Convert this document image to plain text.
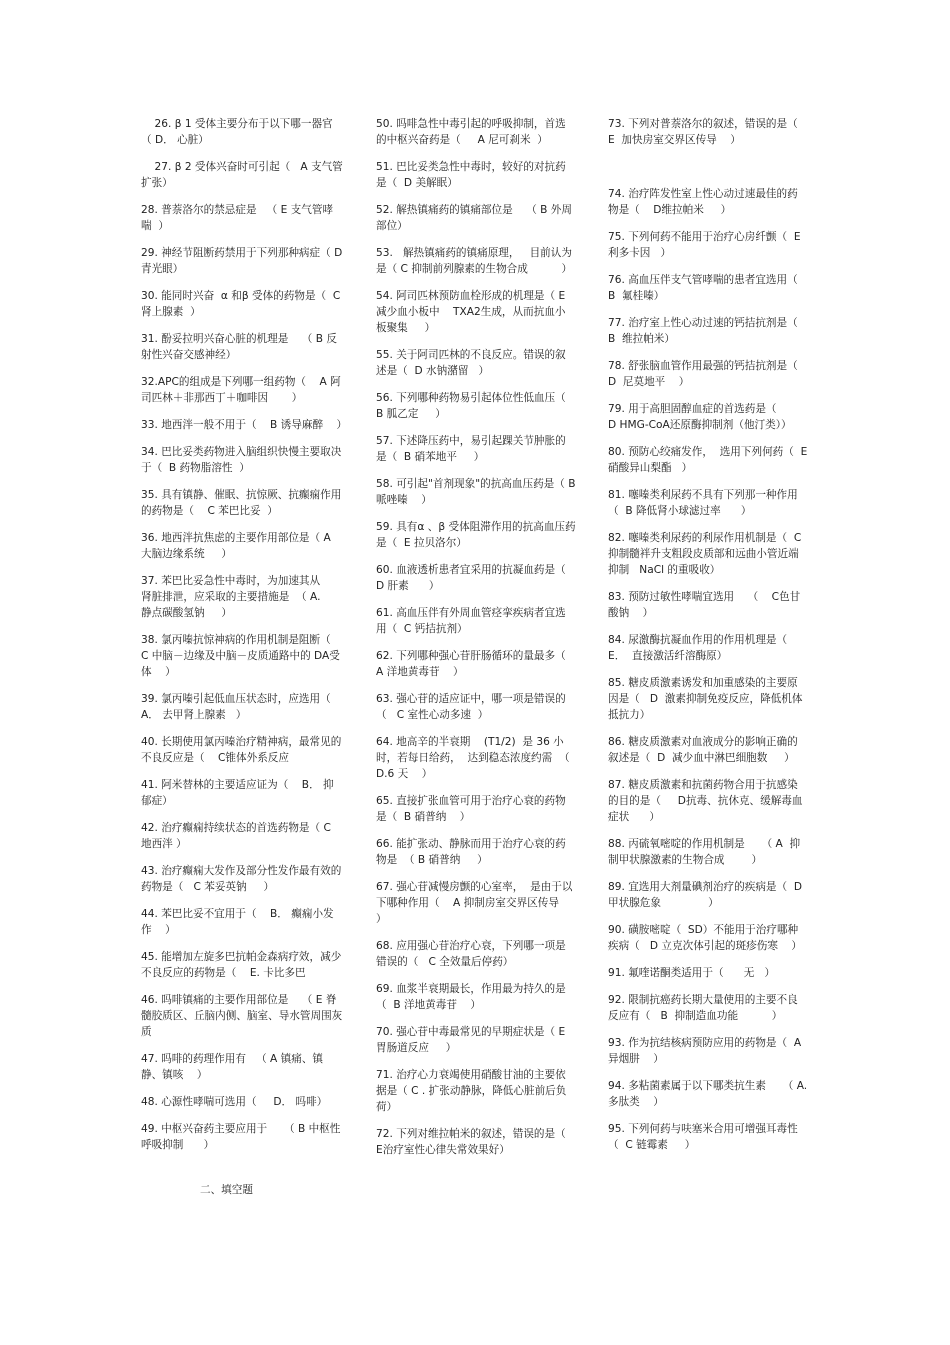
26. β 1 受体主要分布于以下哪一器官（ D． 心脏）

27. β 2 受体兴奋时可引起（   A 支气管扩张）

28. 普萘洛尔的禁忌症是   （ E 支气管哮喘  ）

29. 神经节阻断药禁用于下列那种病症（ D 青光眼）

30. 能同时兴奋  α 和β 受体的药物是（  C肾上腺素  ）

31. 酚妥拉明兴奋心脏的机理是    （ B 反射性兴奋交感神经）

32.APC的组成是下列哪一组药物（    A 阿司匹林＋非那西丁＋咖啡因       ）

33. 地西泮一般不用于（    B 诱导麻醉    ）

34. 巴比妥类药物进入脑组织快慢主要取决于（  B 药物脂溶性  ）

35. 具有镇静、催眠、抗惊厥、抗癫痫作用的药物是（    C 苯巴比妥  ）

36. 地西泮抗焦虑的主要作用部位是（ A 大脑边缘系统     ）

37. 苯巴比妥急性中毒时，为加速其从      肾脏排泄，应采取的主要措施是  （ A.      静点碳酸氢钠     ）

38. 氯丙嗪抗惊神病的作用机制是阻断（  C 中脑－边缘及中脑－皮质通路中的 DA受体    ）

39. 氯丙嗪引起低血压状态时，应选用（  A． 去甲肾上腺素   ）

40. 长期使用氯丙嗪治疗精神病，最常见的不良反应是（    C锥体外系反应

41. 阿米替林的主要适应证为（    B． 抑郁症）

42. 治疗癫痫持续状态的首选药物是（ C 地西泮 ）

43. 治疗癫痫大发作及部分性发作最有效的药物是（   C 苯妥英钠     ）

44. 苯巴比妥不宜用于（    B． 癫痫小发作    ）

45. 能增加左旋多巴抗帕金森病疗效，减少不良反应的药物是（    E. 卡比多巴

46. 吗啡镇痛的主要作用部位是    （ E 脊髓胶质区、丘脑内侧、脑室、导水管周围灰质

47. 吗啡的药理作用有   （ A 镇痛、镇静、镇咳    ）

48. 心源性哮喘可选用（     D． 吗啡）

49. 中枢兴奋药主要应用于     （ B 中枢性呼吸抑制      ）

50. 吗啡急性中毒引起的呼吸抑制，首选的中枢兴奋药是（     A 尼可刹米  ）

51. 巴比妥类急性中毒时，较好的对抗药是（  D 美解眠）

52. 解热镇痛药的镇痛部位是    （ B 外周部位）

53.   解热镇痛药的镇痛原理，   目前认为是（ C 抑制前列腺素的生物合成          ）

54. 阿司匹林预防血栓形成的机理是（ E 减少血小板中    TXA2生成，从而抗血小板聚集     ）

55. 关于阿司匹林的不良反应。错误的叙述是（  D 水钠潴留   ）

56. 下列哪种药物易引起体位性低血压（ B 胍乙定     ）

57. 下述降压药中，易引起踝关节肿胀的是（  B 硝苯地平     ）

58. 可引起"首剂现象"的抗高血压药是（ B 哌唑嗪    ）

59. 具有α 、β 受体阻滞作用的抗高血压药是（  E 拉贝洛尔）

60. 血液透析患者宜采用的抗凝血药是（ D 肝素      ）

61. 高血压伴有外周血管痉挛疾病者宜选用（  C 钙拮抗剂）

62. 下列哪种强心苷肝肠循环的量最多（  A 洋地黄毒苷    ）

63. 强心苷的适应证中，哪一项是错误的（   C 室性心动多速  ）

64. 地高辛的半衰期    (T1/2)  是 36 小时，若每日给药，  达到稳态浓度约需  （ D.6 天    ）

65. 直接扩张血管可用于治疗心衰的药物是（  B 硝普纳    ）

66. 能扩张动、静脉而用于治疗心衰的药物是  （ B 硝普纳     ）

67. 强心苷减慢房颤的心室率，  是由于以下哪种作用（    A 抑制房室交界区传导    ）

68. 应用强心苷治疗心衰，下列哪一项是错误的（   C 全效量后停药）

69. 血浆半衰期最长，作用最为持久的是（  B 洋地黄毒苷    ）

70. 强心苷中毒最常见的早期症状是（ E 胃肠道反应     ）

71. 治疗心力衰竭使用硝酸甘油的主要依据是（ C . 扩张动静脉，降低心脏前后负荷）

72. 下列对维拉帕米的叙述，错误的是（  E治疗室性心律失常效果好）

73. 下列对普萘洛尔的叙述，错误的是（  E  加快房室交界区传导    ）

74. 治疗阵发性室上性心动过速最佳的药物是（    D维拉帕米     ）

75. 下列何药不能用于治疗心房纤颤（  E 利多卡因   ）

76. 高血压伴支气管哮喘的患者宜选用（  B  氟桂嗪）

77. 治疗室上性心动过速的钙拮抗剂是（  B  维拉帕米）

78. 舒张脑血管作用最强的钙拮抗剂是（  D  尼莫地平    ）

79. 用于高胆固醇血症的首选药是（       D HMG-CoA还原酶抑制剂（他汀类））

80. 预防心绞痛发作，  选用下列何药（  E 硝酸异山梨酯   ）

81. 噻嗪类利尿药不具有下列那一种作用（  B 降低肾小球滤过率      ）

82. 噻嗪类利尿药的利尿作用机制是（  C 抑制髓袢升支粗段皮质部和远曲小管近端抑制   NaCl 的重吸收）

83. 预防过敏性哮喘宜选用    （    C色甘酸钠    ）

84. 尿激酶抗凝血作用的作用机理是（  E．  直接激活纤溶酶原）

85. 糖皮质激素诱发和加重感染的主要原因是（   D  激素抑制免疫反应，降低机体抵抗力）

86. 糖皮质激素对血液成分的影响正确的叙述是（  D  减少血中淋巴细胞数     ）

87. 糖皮质激素和抗菌药物合用于抗感染的目的是（     D抗毒、抗休克、缓解毒血症状      ）

88. 丙硫氧嘧啶的作用机制是     （ A  抑制甲状腺激素的生物合成        ）

89. 宜选用大剂量碘剂治疗的疾病是（  D  甲状腺危象              ）

90. 磺胺嘧啶（  SD）不能用于治疗哪种疾病（   D 立克次体引起的斑疹伤寒    ）

91. 氟喹诺酮类适用于（      无   ）

92. 限制抗癌药长期大量使用的主要不良反应有（   B  抑制造血功能          ）

93. 作为抗结核病预防应用的药物是（  A  异烟肼    ）

94. 多粘菌素属于以下哪类抗生素     （ A. 多肽类    ）

95. 下列何药与呋塞米合用可增强耳毒性（  C 链霉素     ）

二、填空题
